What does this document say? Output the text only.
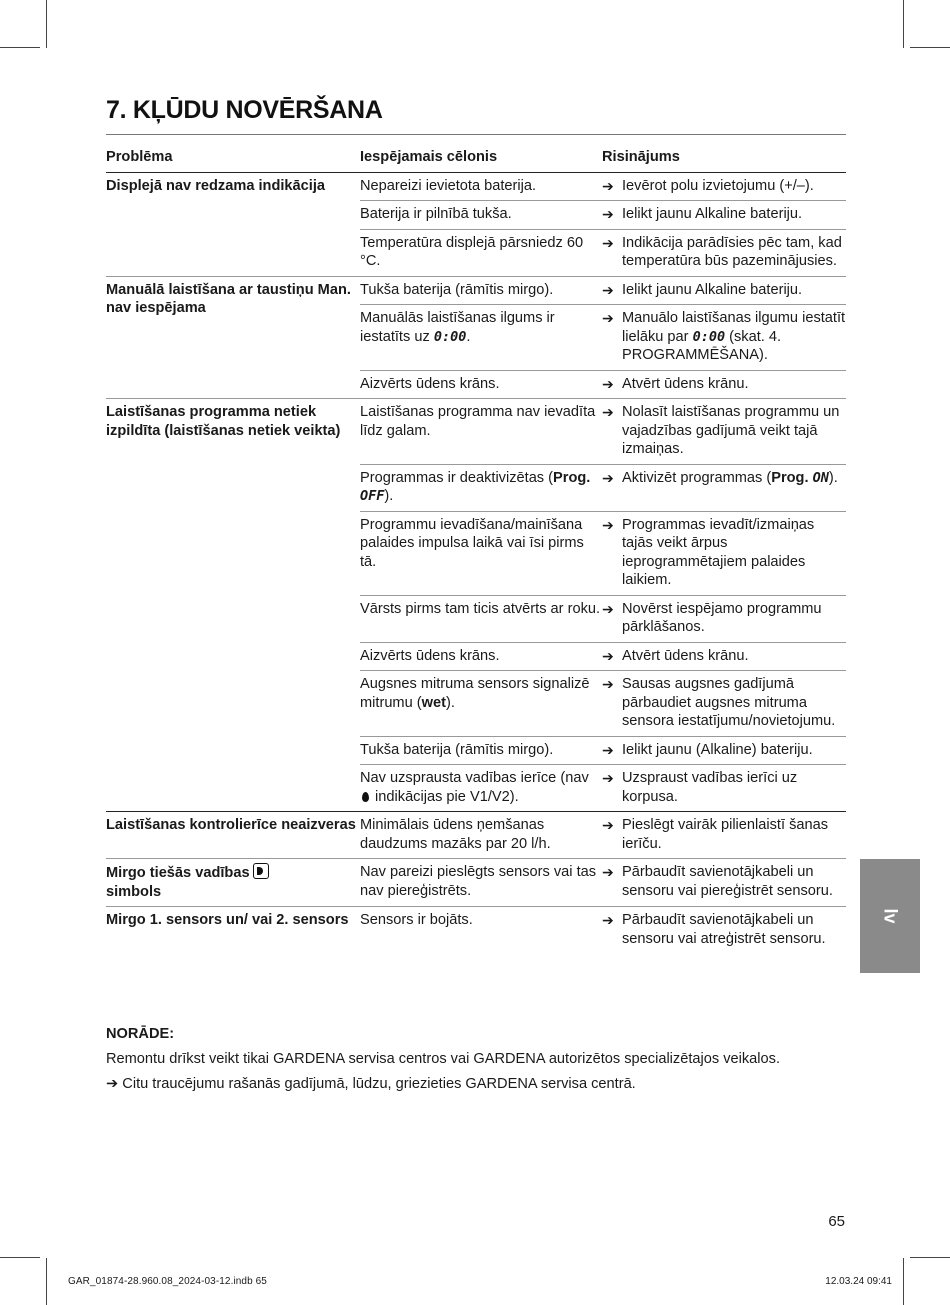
7. KĻŪDU NOVĒRŠANA
Problēma	Iespējamais cēlonis	Risinājums
Displejā nav redzama indikācija	Nepareizi ievietota baterija.	➔ Ievērot polu izvietojumu (+/–).

	Baterija ir pilnībā tukša.	➔ Ielikt jaunu Alkaline bateriju.

	Temperatūra displejā pārsniedz 60 °C.	➔ Indikācija parādīsies pēc tam, kad temperatūra būs pazeminājusies.

Manuālā laistīšana ar taustiņu Man. nav iespējama	Tukša baterija (rāmītis mirgo).	➔ Ielikt jaunu Alkaline bateriju.

	Manuālās laistīšanas ilgums ir iestatīts uz 0:00.	➔ Manuālo laistīšanas ilgumu iestatīt lielāku par 0:00 (skat. 4. PROGRAMMĒŠANA).

	Aizvērts ūdens krāns.	➔ Atvērt ūdens krānu.

Laistīšanas programma netiek izpildīta (laistīšanas netiek veikta)	Laistīšanas programma nav ievadīta līdz galam.	➔ Nolasīt laistīšanas programmu un vajadzības gadījumā veikt tajā izmaiņas.

	Programmas ir deaktivizētas (Prog. OFF).	➔ Aktivizēt programmas (Prog. ON).

	Programmu ievadīšana/mainīšana palaides impulsa laikā vai īsi pirms tā.	➔ Programmas ievadīt/izmaiņas tajās veikt ārpus ieprogrammētajiem palaides laikiem.

	Vārsts pirms tam ticis atvērts ar roku.	➔ Novērst iespējamo programmu pārklāšanos.

	Aizvērts ūdens krāns.	➔ Atvērt ūdens krānu.

	Augsnes mitruma sensors signalizē mitrumu (wet).	➔ Sausas augsnes gadījumā pārbaudiet augsnes mitruma sensora iestatījumu/novietojumu.

	Tukša baterija (rāmītis mirgo).	➔ Ielikt jaunu (Alkaline) bateriju.

	Nav uzspraustа vadības ierīce (nav  indikācijas pie V1/V2).	➔ Uzspraust vadības ierīci uz korpusa.

Laistīšanas kontrolierīce neaizveras	Minimālais ūdens ņemšanas daudzums mazāks par 20 l/h.	➔ Pieslēgt vairāk pilienlaistī šanas ierīču.

Mirgo tiešās vadības
simbols	Nav pareizi pieslēgts sensors vai tas nav piereģistrēts.	➔ Pārbaudīt savienotājkabeli un sensoru vai piereģistrēt sensoru.

Mirgo 1. sensors un/ vai 2. sensors	Sensors ir bojāts.	➔ Pārbaudīt savienotājkabeli un sensoru vai atreģistrēt sensoru.
NORĀDE:
Remontu drīkst veikt tikai GARDENA servisa centros vai GARDENA autorizētos specializētajos veikalos.
➔ Citu traucējumu rašanās gadījumā, lūdzu, griezieties GARDENA servisa centrā.
lv
65
GAR_01874-28.960.08_2024-03-12.indb 65	12.03.24 09:41
